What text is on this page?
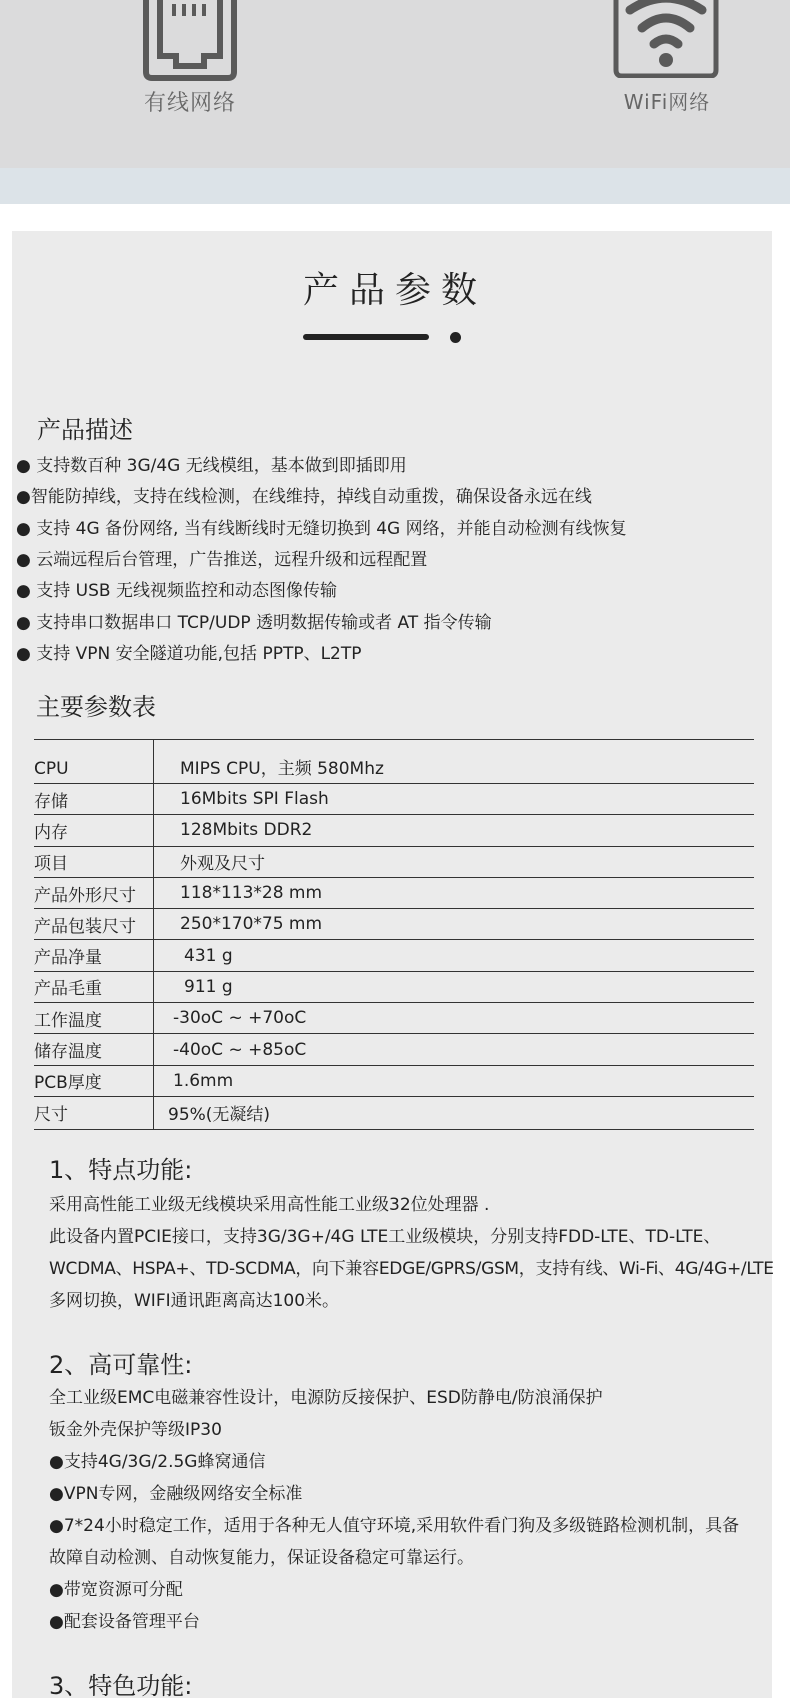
有线网络	WiFi网络
产品参数
产品描述
● 支持数百种 3G/4G 无线模组，基本做到即插即用
●智能防掉线，支持在线检测，在线维持，掉线自动重拨，确保设备永远在线
● 支持 4G 备份网络, 当有线断线时无缝切换到 4G 网络，并能自动检测有线恢复
● 云端远程后台管理，广告推送，远程升级和远程配置
● 支持 USB 无线视频监控和动态图像传输
● 支持串口数据串口 TCP/UDP 透明数据传输或者 AT 指令传输
● 支持 VPN 安全隧道功能,包括 PPTP、L2TP
主要参数表
CPU	MIPS CPU，主频 580Mhz
存储	16Mbits SPI Flash
内存	128Mbits DDR2
项目	外观及尺寸
产品外形尺寸	118*113*28 mm
产品包装尺寸	250*170*75 mm
产品净量	431 g
产品毛重	911 g
工作温度	-30oC ~ +70oC
储存温度	-40oC ~ +85oC
PCB厚度	1.6mm
尺寸	95%(无凝结)
1、特点功能:
采用高性能工业级无线模块采用高性能工业级32位处理器 .
此设备内置PCIE接口，支持3G/3G+/4G LTE工业级模块，分别支持FDD-LTE、TD-LTE、
WCDMA、HSPA+、TD-SCDMA，向下兼容EDGE/GPRS/GSM，支持有线、Wi-Fi、4G/4G+/LTE
多网切换，WIFI通讯距离高达100米。
2、高可靠性:
全工业级EMC电磁兼容性设计，电源防反接保护、ESD防静电/防浪涌保护
钣金外壳保护等级IP30
●支持4G/3G/2.5G蜂窝通信
●VPN专网，金融级网络安全标准
●7*24小时稳定工作，适用于各种无人值守环境,采用软件看门狗及多级链路检测机制，具备
故障自动检测、自动恢复能力，保证设备稳定可靠运行。
●带宽资源可分配
●配套设备管理平台
3、特色功能:
